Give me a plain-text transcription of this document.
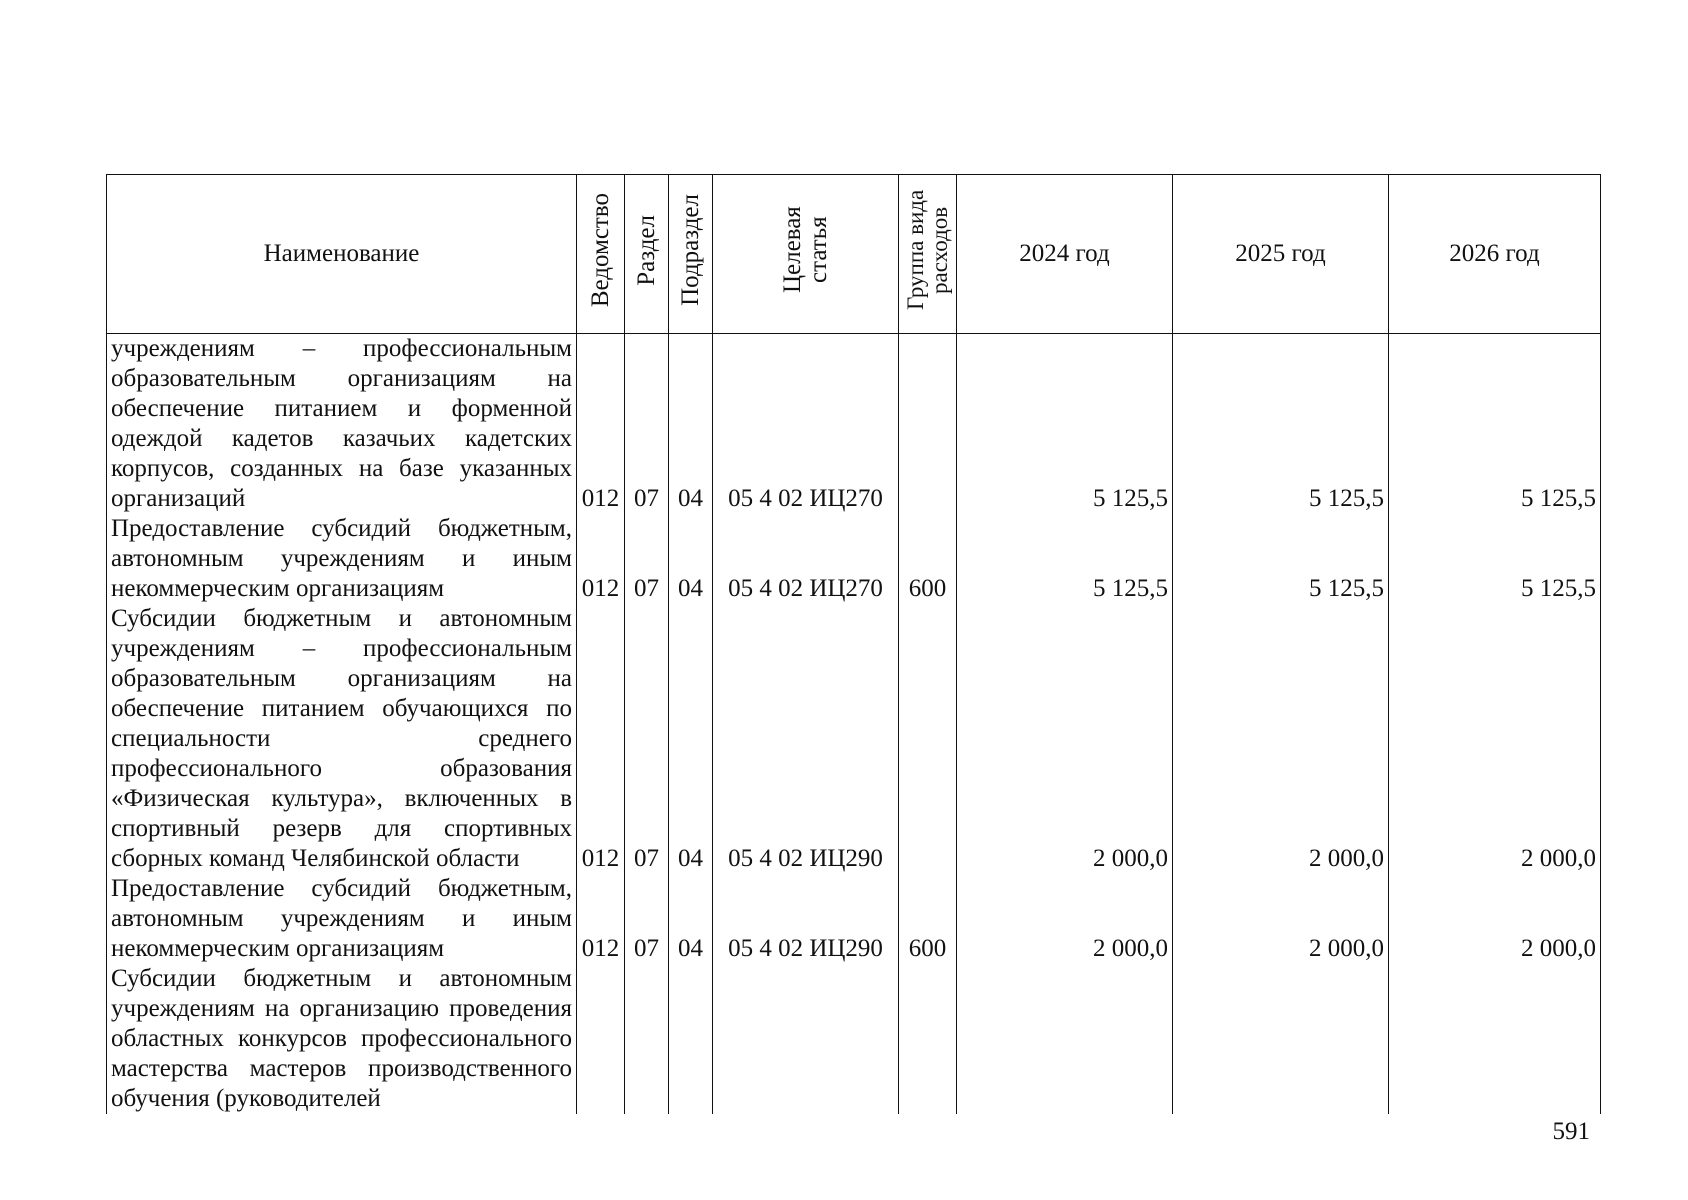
Наименование	Ведомство	Раздел	Подраздел	Целевая статья	Группа вида расходов	2024 год	2025 год	2026 год
учреждениям – профессиональным образовательным организациям на обеспечение питанием и форменной одеждой кадетов казачьих кадетских корпусов, созданных на базе указанных организаций	012	07	04	05 4 02 ИЦ270		5 125,5	5 125,5	5 125,5
Предоставление субсидий бюджетным, автономным учреждениям и иным некоммерческим организациям	012	07	04	05 4 02 ИЦ270	600	5 125,5	5 125,5	5 125,5
Субсидии бюджетным и автономным учреждениям – профессиональным образовательным организациям на обеспечение питанием обучающихся по специальности среднего профессионального образования «Физическая культура», включенных в спортивный резерв для спортивных сборных команд Челябинской области	012	07	04	05 4 02 ИЦ290		2 000,0	2 000,0	2 000,0
Предоставление субсидий бюджетным, автономным учреждениям и иным некоммерческим организациям	012	07	04	05 4 02 ИЦ290	600	2 000,0	2 000,0	2 000,0
Субсидии бюджетным и автономным учреждениям на организацию проведения областных конкурсов профессионального мастерства мастеров производственного обучения (руководителей								
591
